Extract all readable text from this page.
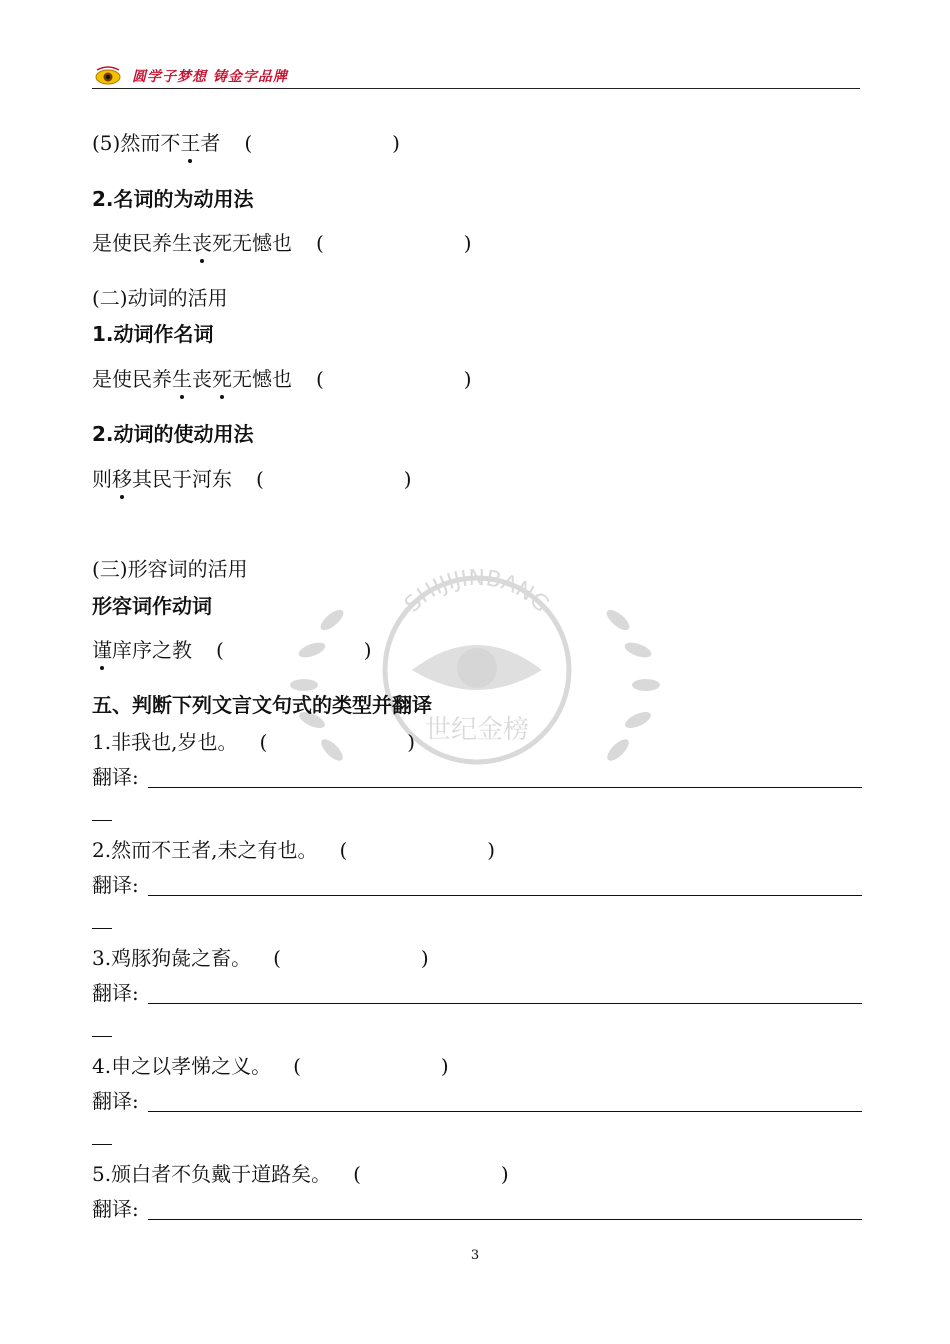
圆学子梦想 铸金字品牌
SHIJIJINBANG
世纪金榜
(5)然而不王者 (　　　　　　　)
2.名词的为动用法
是使民养生丧死无憾也 (　　　　　　　)
(二)动词的活用
1.动词作名词
是使民养生丧死无憾也 (　　　　　　　)
2.动词的使动用法
则移其民于河东 (　　　　　　　)
(三)形容词的活用
形容词作动词
谨庠序之教 (　　　　　　　)
五、判断下列文言文句式的类型并翻译
1.非我也,岁也。 (　　　　　　　)
翻译:
2.然而不王者,未之有也。 (　　　　　　　)
翻译:
3.鸡豚狗彘之畜。 (　　　　　　　)
翻译:
4.申之以孝悌之义。 (　　　　　　　)
翻译:
5.颁白者不负戴于道路矣。 (　　　　　　　)
翻译:
3
